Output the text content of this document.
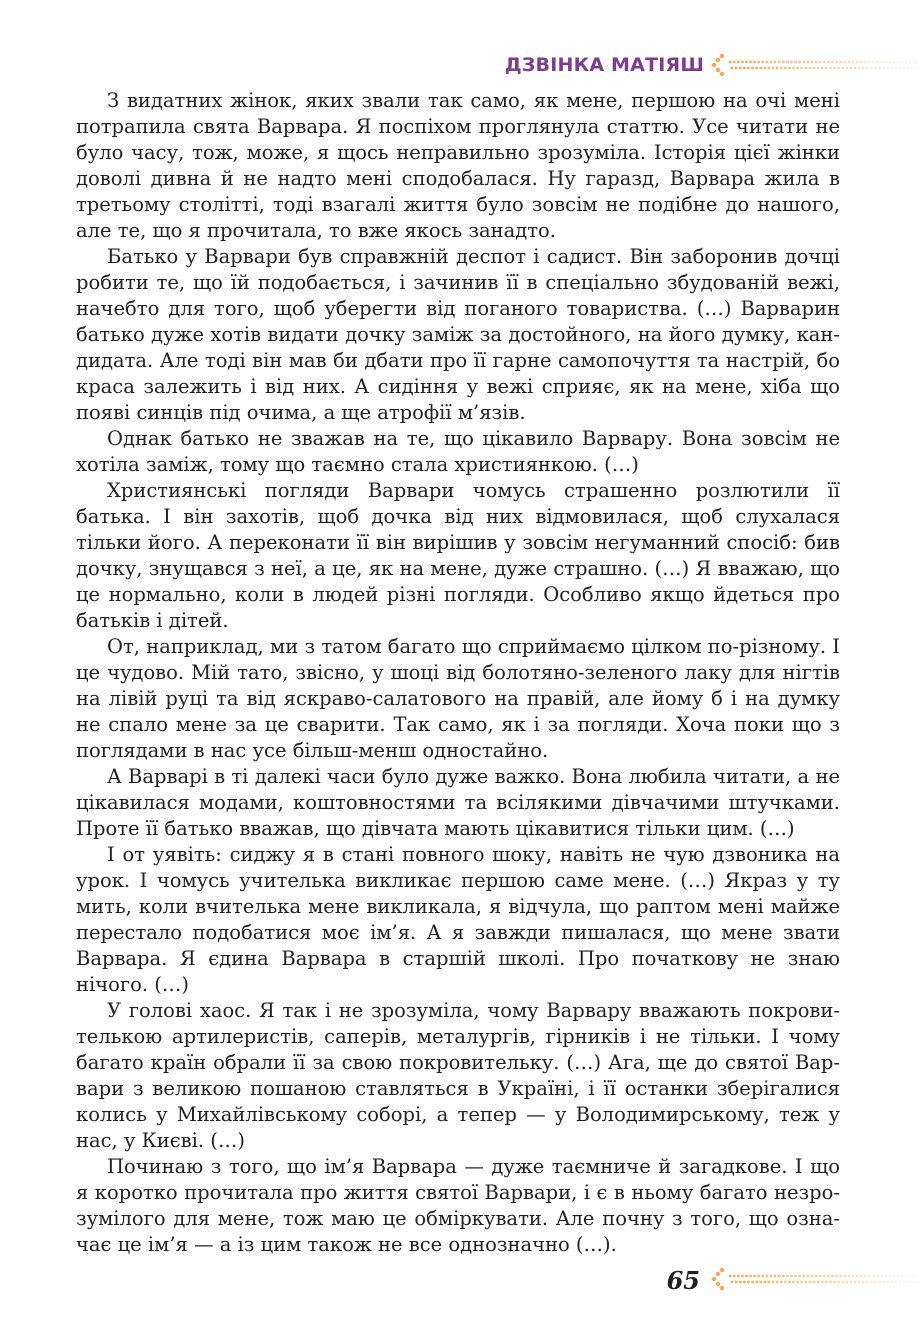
ДЗВІНКА МАТІЯШ

З видатних жінок, яких звали так само, як мене, першою на очі мені потрапила свята Варвара. Я поспіхом проглянула статтю. Усе читати не було часу, тож, може, я щось неправильно зрозуміла. Історія цієї жінки доволі дивна й не надто мені сподобалася. Ну гаразд, Варвара жила в третьому столітті, тоді взагалі життя було зовсім не подібне до нашого, але те, що я прочитала, то вже якось занадто.

Батько у Варвари був справжній деспот і садист. Він заборонив дочці робити те, що їй подобається, і зачинив її в спеціально збудованій вежі, начебто для того, щоб уберегти від поганого товариства. (…) Варварин батько дуже хотів видати дочку заміж за достойного, на його думку, кандидата. Але тоді він мав би дбати про її гарне самопочуття та настрій, бо краса залежить і від них. А сидіння у вежі сприяє, як на мене, хіба що появі синців під очима, а ще атрофії м’язів.

Однак батько не зважав на те, що цікавило Варвару. Вона зовсім не хотіла заміж, тому що таємно стала християнкою. (…)

Християнські погляди Варвари чомусь страшенно розлютили її батька. І він захотів, щоб дочка від них відмовилася, щоб слухалася тільки його. А переконати її він вирішив у зовсім негуманний спосіб: бив дочку, знущався з неї, а це, як на мене, дуже страшно. (…) Я вважаю, що це нормально, коли в людей різні погляди. Особливо якщо йдеться про батьків і дітей.

От, наприклад, ми з татом багато що сприймаємо цілком по-різному. І це чудово. Мій тато, звісно, у шоці від болотяно-зеленого лаку для нігтів на лівій руці та від яскраво-салатового на правій, але йому б і на думку не спало мене за це сварити. Так само, як і за погляди. Хоча поки що з поглядами в нас усе більш-менш одностайно.

А Варварі в ті далекі часи було дуже важко. Вона любила читати, а не цікавилася модами, коштовностями та всілякими дівчачими штучками. Проте її батько вважав, що дівчата мають цікавитися тільки цим. (…)

І от уявіть: сиджу я в стані повного шоку, навіть не чую дзвоника на урок. І чомусь учителька викликає першою саме мене. (…) Якраз у ту мить, коли вчителька мене викликала, я відчула, що раптом мені майже перестало подобатися моє ім’я. А я завжди пишалася, що мене звати Варвара. Я єдина Варвара в старшій школі. Про початкову не знаю нічого. (…)

У голові хаос. Я так і не зрозуміла, чому Варвару вважають покровителькою артилеристів, саперів, металургів, гірників і не тільки. І чому багато країн обрали її за свою покровительку. (…) Ага, ще до святої Варвари з великою пошаною ставляться в Україні, і її останки зберігалися колись у Михайлівському соборі, а тепер — у Володимирському, теж у нас, у Києві. (…)

Починаю з того, що ім’я Варвара — дуже таємниче й загадкове. І що я коротко прочитала про життя святої Варвари, і є в ньому багато незрозумілого для мене, тож маю це обміркувати. Але почну з того, що означає це ім’я — а із цим також не все однозначно (…).

65
